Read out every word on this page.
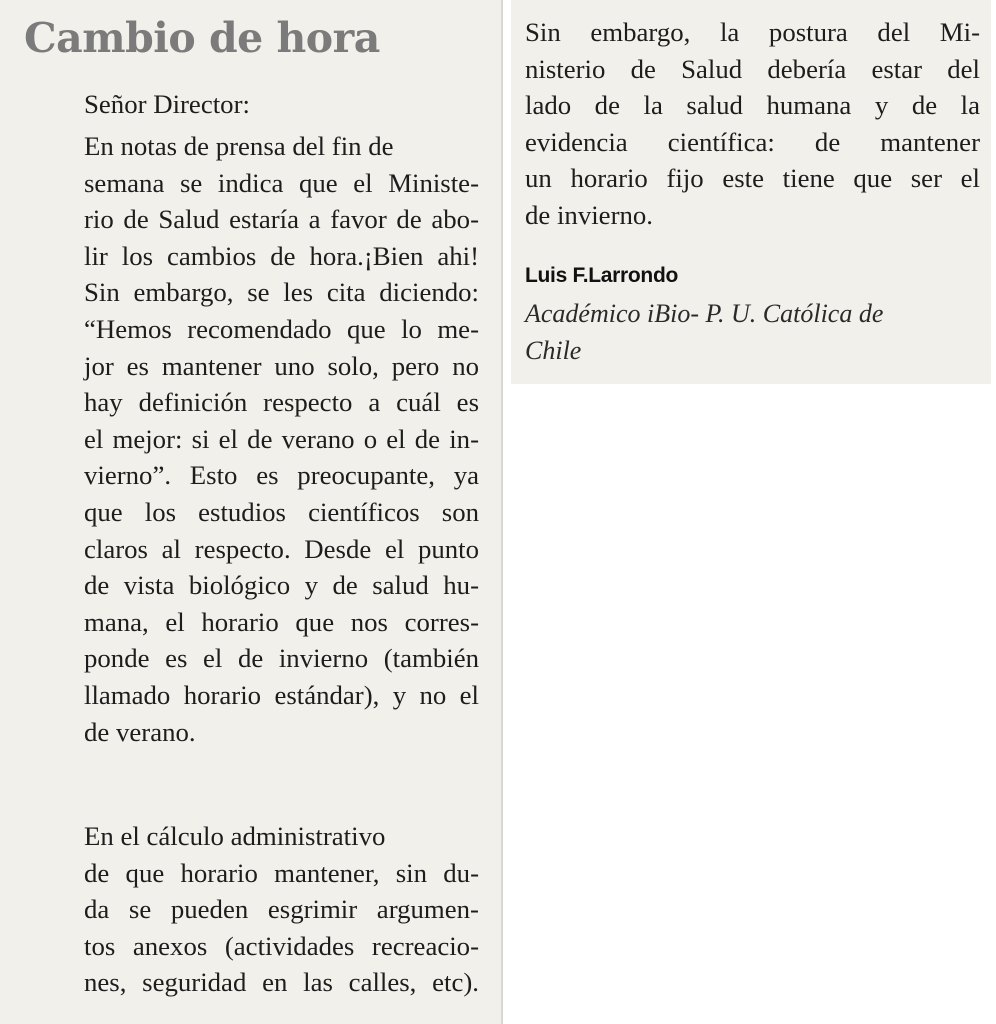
Cambio de hora

Señor Director:

En notas de prensa del fin de
semana se indica que el Ministe-
rio de Salud estaría a favor de abo-
lir los cambios de hora.¡Bien ahi!
Sin embargo, se les cita diciendo:
“Hemos recomendado que lo me-
jor es mantener uno solo, pero no
hay definición respecto a cuál es
el mejor: si el de verano o el de in-
vierno”. Esto es preocupante, ya
que los estudios científicos son
claros al respecto. Desde el punto
de vista biológico y de salud hu-
mana, el horario que nos corres-
ponde es el de invierno (también
llamado horario estándar), y no el
de verano.

En el cálculo administrativo
de que horario mantener, sin du-
da se pueden esgrimir argumen-
tos anexos (actividades recreacio-
nes, seguridad en las calles, etc).

Sin embargo, la postura del Mi-
nisterio de Salud debería estar del
lado de la salud humana y de la
evidencia científica: de mantener
un horario fijo este tiene que ser el
de invierno.

Luis F.Larrondo

Académico iBio- P. U. Católica de
Chile
